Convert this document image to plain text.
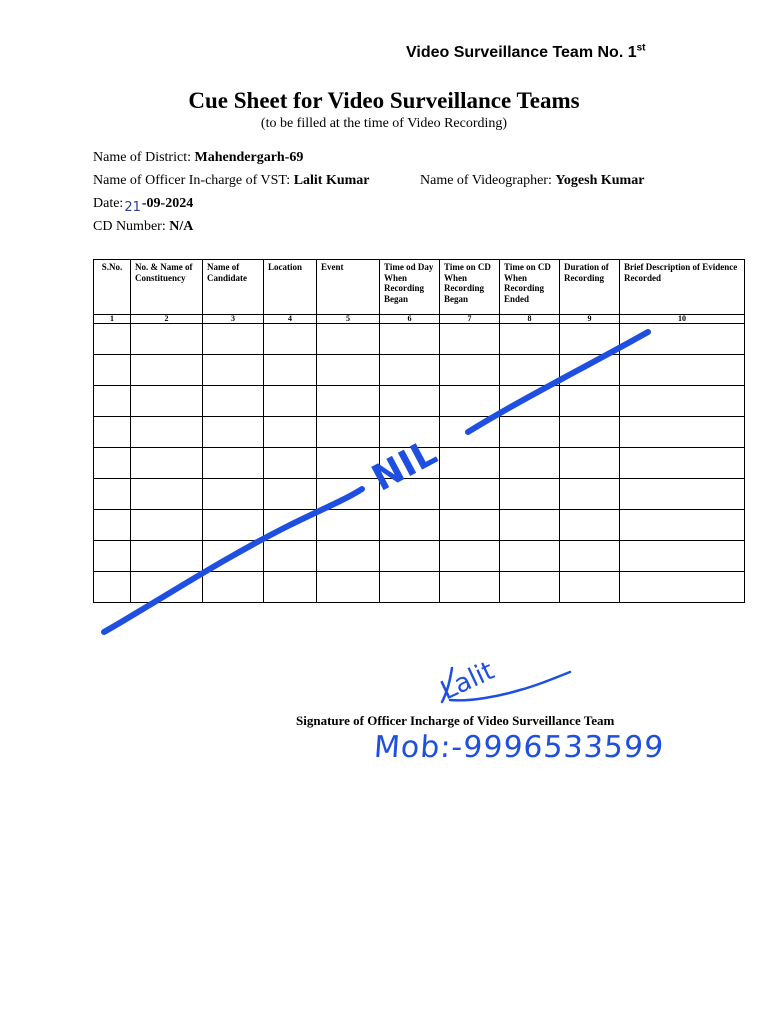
Video Surveillance Team No. 1st
Cue Sheet for Video Surveillance Teams
(to be filled at the time of Video Recording)
Name of District: Mahendergarh-69
Name of Officer In-charge of VST: Lalit Kumar	Name of Videographer: Yogesh Kumar
Date:21-09-2024
CD Number: N/A
S.No.	No. & Name of Constituency	Name of Candidate	Location	Event	Time od Day When Recording Began	Time on CD When Recording Began	Time on CD When Recording Ended	Duration of Recording	Brief Description of Evidence Recorded
1	2	3	4	5	6	7	8	9	10

NIL
Lalit
Signature of Officer Incharge of Video Surveillance Team
Mob:-9996533599
